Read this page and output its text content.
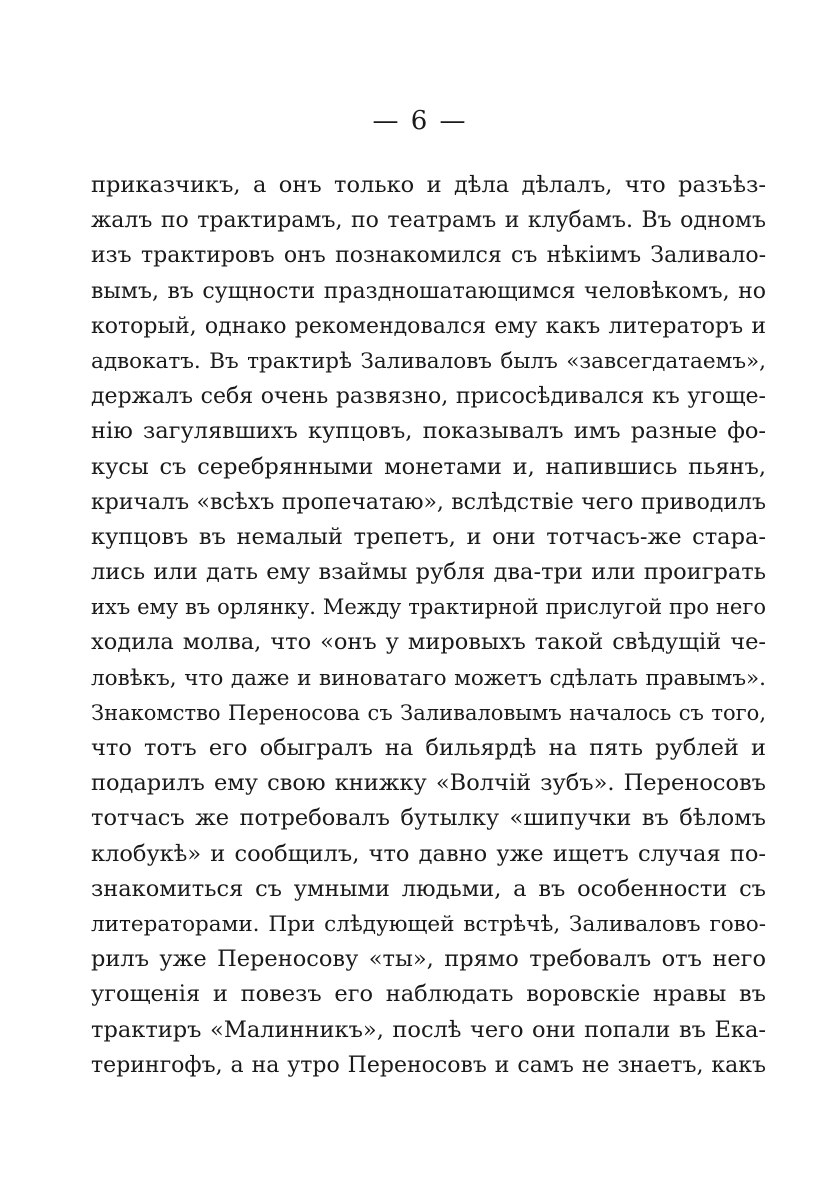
— 6 —
приказчикъ, а онъ только и дѣла дѣлалъ, что разъѣз-
жалъ по трактирамъ, по театрамъ и клубамъ. Въ одномъ
изъ трактировъ онъ познакомился съ нѣкіимъ Заливало-
вымъ, въ сущности празднoшатающимся человѣкомъ, но
который, однако рекомендовался ему какъ литераторъ и
адвокатъ. Въ трактирѣ Заливаловъ былъ «завсегдатаемъ»,
держалъ себя очень развязно, присосѣдивался къ угоще-
нію загулявшихъ купцовъ, показывалъ имъ разные фо-
кусы съ серебрянными монетами и, напившись пьянъ,
кричалъ «всѣхъ пропечатаю», вслѣдствіе чего приводилъ
купцовъ въ немалый трепетъ, и они тотчасъ-же стара-
лись или дать ему взаймы рубля два-три или проиграть
ихъ ему въ орлянку. Между трактирной прислугой про него
ходила молва, что «онъ у мировыхъ такой свѣдущій че-
ловѣкъ, что даже и виноватаго можетъ сдѣлать правымъ».
Знакомство Переносова съ Заливаловымъ началось съ того,
что тотъ его обыгралъ на бильярдѣ на пять рублей и
подарилъ ему свою книжку «Волчій зубъ». Переносовъ
тотчасъ же потребовалъ бутылку «шипучки въ бѣломъ
клобукѣ» и сообщилъ, что давно уже ищетъ случая по-
знакомиться съ умными людьми, а въ особенности съ
литераторами. При слѣдующей встрѣчѣ, Заливаловъ гово-
рилъ уже Переносову «ты», прямо требовалъ отъ него
угощенія и повезъ его наблюдать воровскіе нравы въ
трактиръ «Малинникъ», послѣ чего они попали въ Ека-
терингофъ, а на утро Переносовъ и самъ не знаетъ, какъ
